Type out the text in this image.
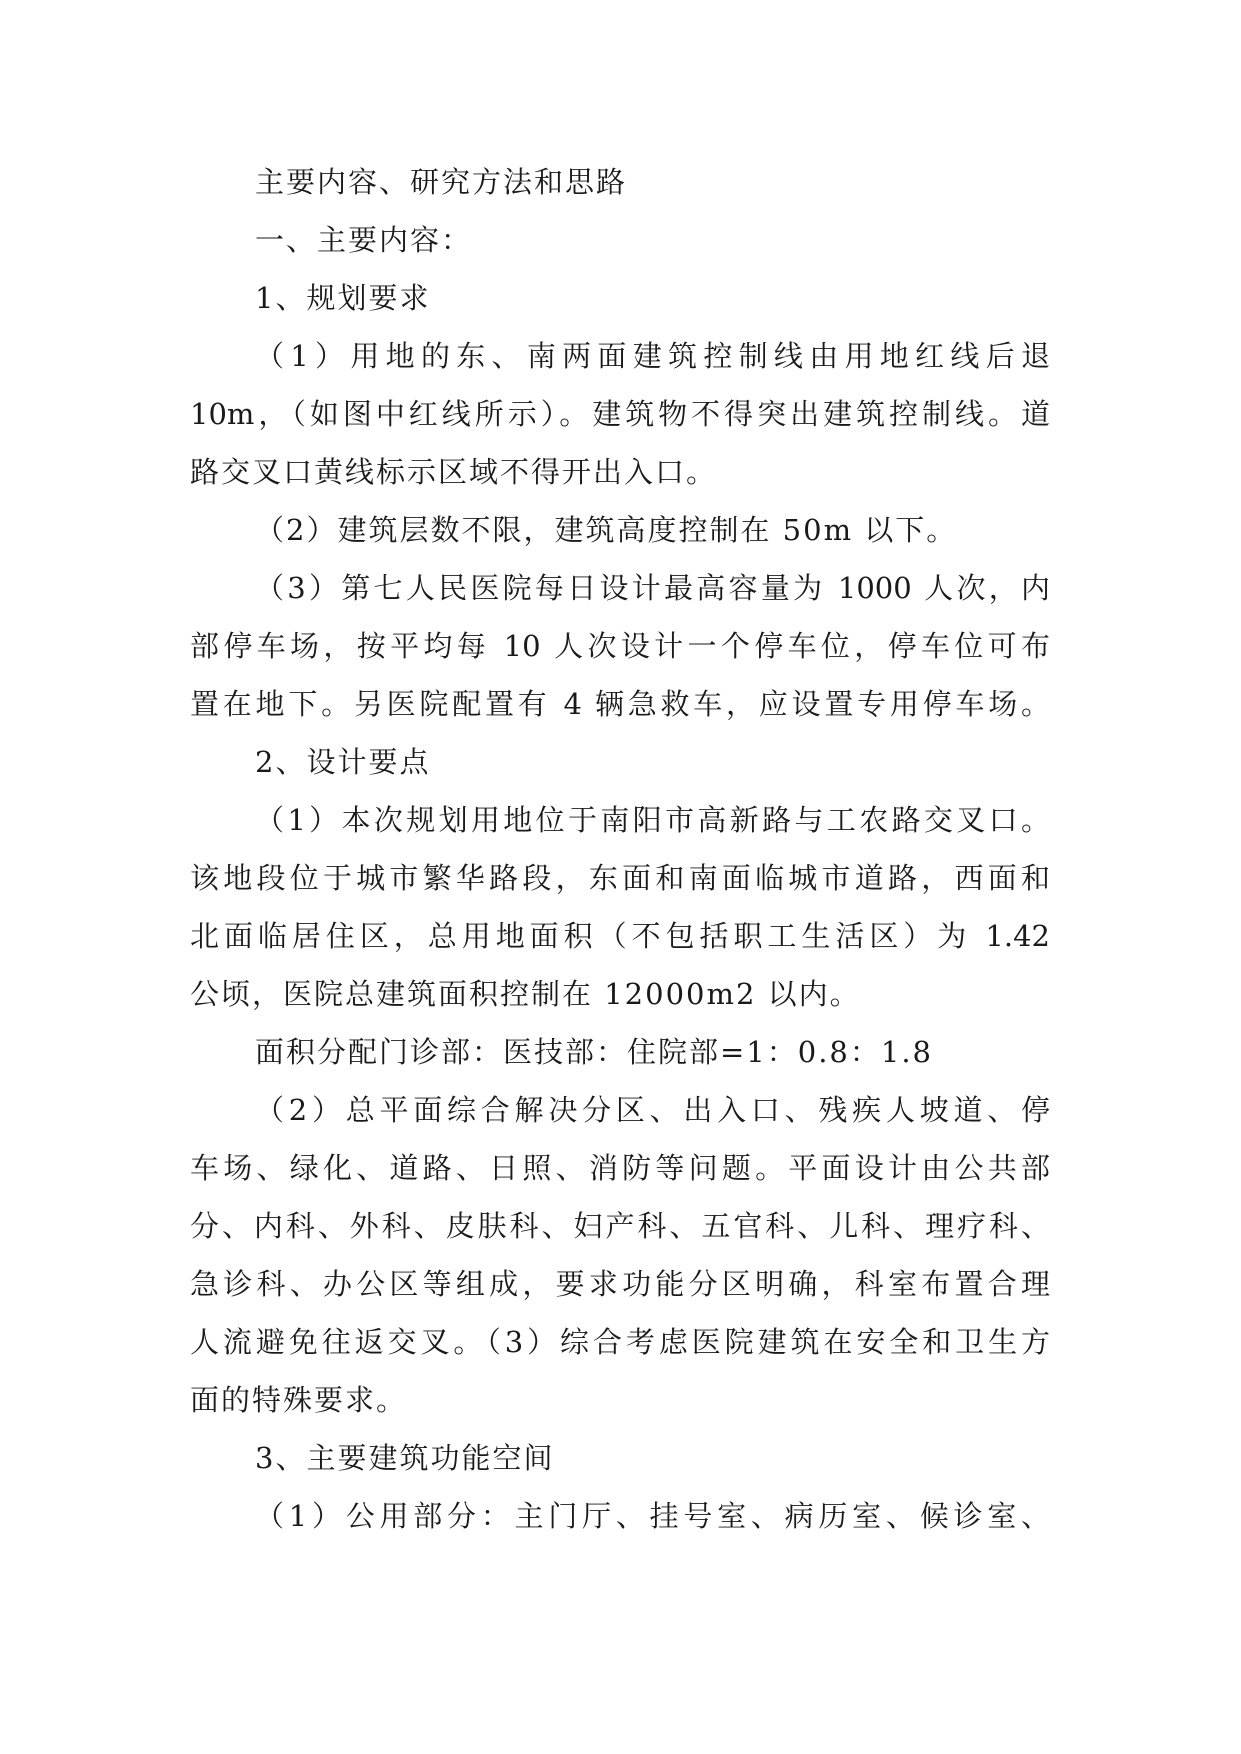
主要内容、研究方法和思路
一、主要内容：
1、规划要求
（1）用地的东、南两面建筑控制线由用地红线后退
10m，（如图中红线所示）。建筑物不得突出建筑控制线。道
路交叉口黄线标示区域不得开出入口。
（2）建筑层数不限，建筑高度控制在 50m 以下。
（3）第七人民医院每日设计最高容量为 1000 人次，内
部停车场，按平均每 10 人次设计一个停车位，停车位可布
置在地下。另医院配置有 4 辆急救车，应设置专用停车场。
2、设计要点
（1）本次规划用地位于南阳市高新路与工农路交叉口。
该地段位于城市繁华路段，东面和南面临城市道路，西面和
北面临居住区，总用地面积（不包括职工生活区）为 1.42
公顷，医院总建筑面积控制在 12000m2 以内。
面积分配门诊部：医技部：住院部=1：0.8：1.8
（2）总平面综合解决分区、出入口、残疾人坡道、停
车场、绿化、道路、日照、消防等问题。平面设计由公共部
分、内科、外科、皮肤科、妇产科、五官科、儿科、理疗科、
急诊科、办公区等组成，要求功能分区明确，科室布置合理
人流避免往返交叉。（3）综合考虑医院建筑在安全和卫生方
面的特殊要求。
3、主要建筑功能空间
（1）公用部分：主门厅、挂号室、病历室、候诊室、
